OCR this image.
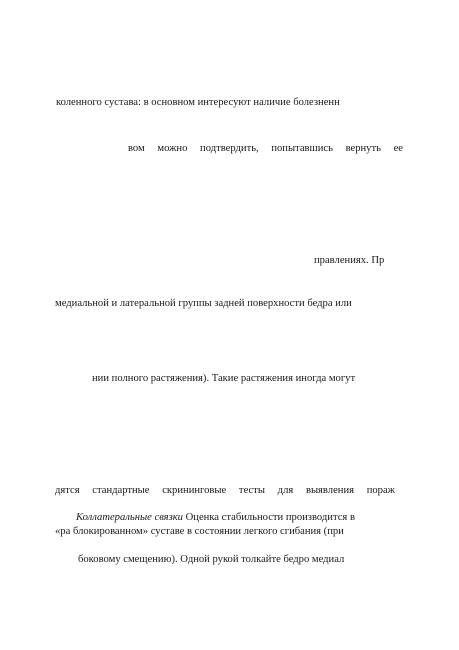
коленного сустава: в основном интересуют наличие болезненн

вом можно подтвердить, попытавшись вернуть ее

правлениях. Пр

медиальной и латеральной группы задней поверхности бедра или

нии полного растяжения). Такие растяжения иногда могут

дятся стандартные скрининговые тесты для выявления пораж

Коллатеральные связки Оценка стабильности производится в

«ра блокированном» суставе в состоянии легкого сгибания (при

боковому смещению). Одной рукой толкайте бедро медиал
